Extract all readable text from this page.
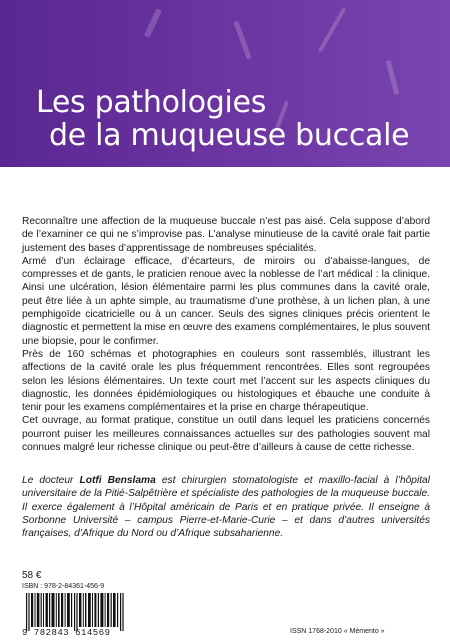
Les pathologies
de la muqueuse buccale

Reconnaître une affection de la muqueuse buccale n’est pas aisé. Cela suppose d’abord de l’examiner ce qui ne s’improvise pas. L’analyse minutieuse de la cavité orale fait partie justement des bases d’apprentissage de nombreuses spécialités.

Armé d’un éclairage efficace, d’écarteurs, de miroirs ou d’abaisse-langues, de compresses et de gants, le praticien renoue avec la noblesse de l’art médical : la clinique. Ainsi une ulcération, lésion élémentaire parmi les plus communes dans la cavité orale, peut être liée à un aphte simple, au traumatisme d’une prothèse, à un lichen plan, à une pemphigoïde cicatricielle ou à un cancer. Seuls des signes cliniques précis orientent le diagnostic et permettent la mise en œuvre des examens complémentaires, le plus souvent une biopsie, pour le confirmer.

Près de 160 schémas et photographies en couleurs sont rassemblés, illustrant les affections de la cavité orale les plus fréquemment rencontrées. Elles sont regroupées selon les lésions élémentaires. Un texte court met l’accent sur les aspects cliniques du diagnostic, les données épidémiologiques ou histologiques et ébauche une conduite à tenir pour les examens complémentaires et la prise en charge thérapeutique.

Cet ouvrage, au format pratique, constitue un outil dans lequel les praticiens concernés pourront puiser les meilleures connaissances actuelles sur des pathologies souvent mal connues malgré leur richesse clinique ou peut-être d’ailleurs à cause de cette richesse.

Le docteur Lotfi Benslama est chirurgien stomatologiste et maxillo-facial à l’hôpital universitaire de la Pitié-Salpêtrière et spécialiste des pathologies de la muqueuse buccale. Il exerce également à l’Hôpital américain de Paris et en pratique privée. Il enseigne à Sorbonne Université – campus Pierre-et-Marie-Curie – et dans d’autres universités françaises, d’Afrique du Nord ou d’Afrique subsaharienne.

58 €
ISBN : 978-2-84361-456-9
9 782843 614569	ISSN 1768-2010 « Mémento »
